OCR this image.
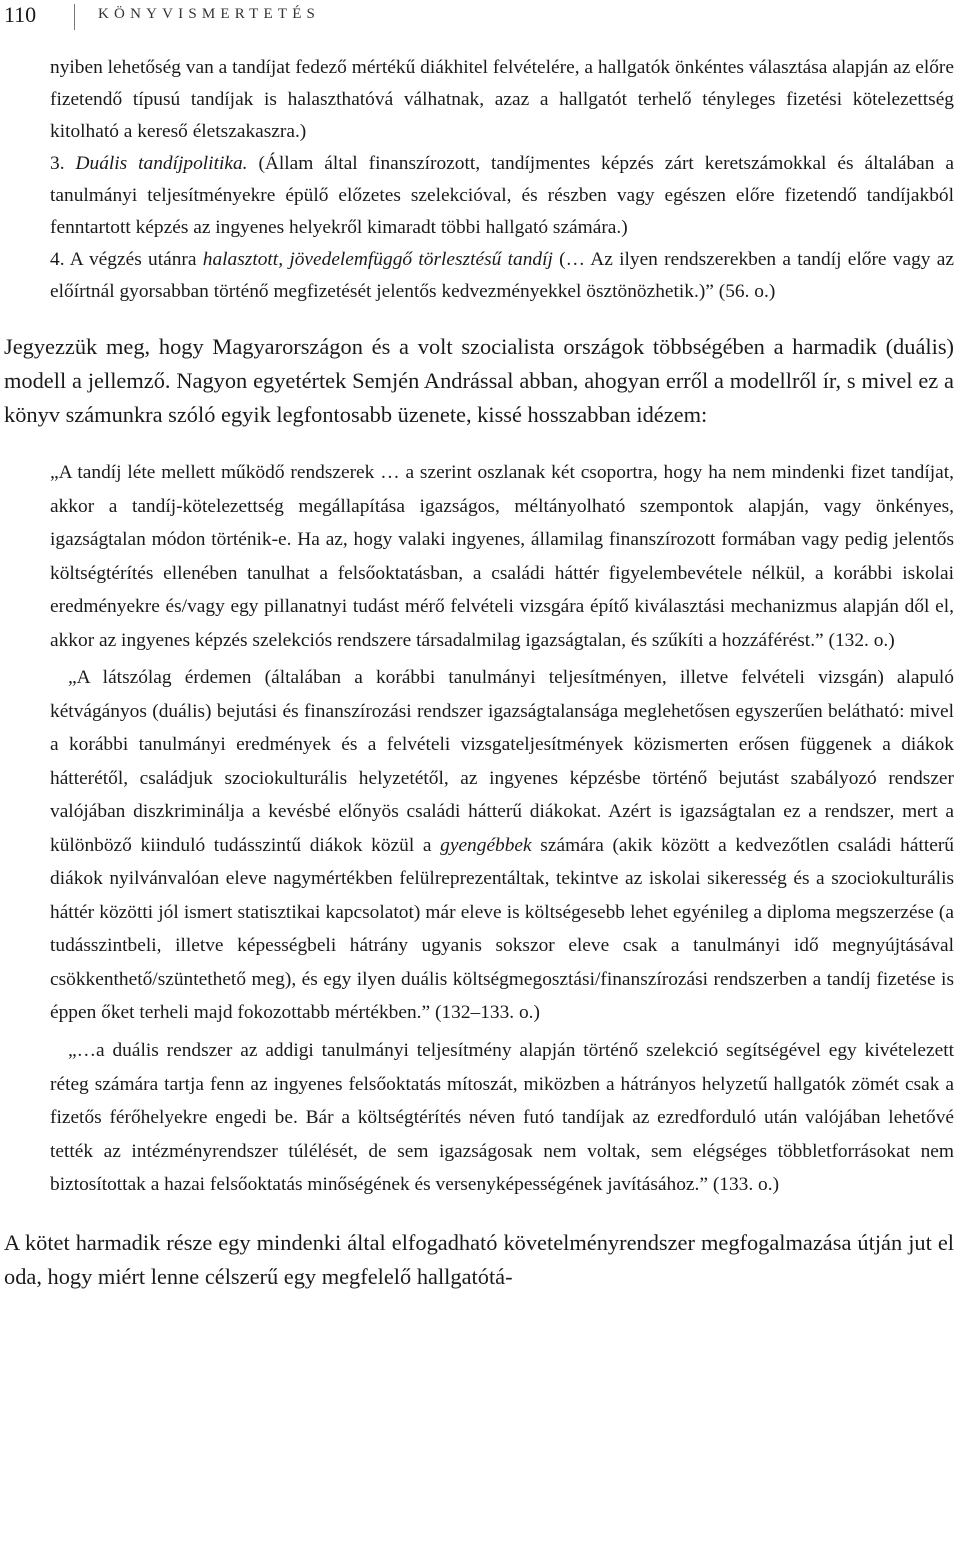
110	KÖNYVISMERTETÉS

nyiben lehetőség van a tandíjat fedező mértékű diákhitel felvételére, a hallgatók önkéntes választása alapján az előre fizetendő típusú tandíjak is halaszthatóvá válhatnak, azaz a hallgatót terhelő tényleges fizetési kötelezettség kitolható a kereső életszakaszra.)

3. Duális tandíjpolitika. (Állam által finanszírozott, tandíjmentes képzés zárt keretszámokkal és általában a tanulmányi teljesítményekre épülő előzetes szelekcióval, és részben vagy egészen előre fizetendő tandíjakból fenntartott képzés az ingyenes helyekről kimaradt többi hallgató számára.)

4. A végzés utánra halasztott, jövedelemfüggő törlesztésű tandíj (… Az ilyen rendszerekben a tandíj előre vagy az előírtnál gyorsabban történő megfizetését jelentős kedvezményekkel ösztönözhetik.)” (56. o.)

Jegyezzük meg, hogy Magyarországon és a volt szocialista országok többségében a harmadik (duális) modell a jellemző. Nagyon egyetértek Semjén Andrással abban, ahogyan erről a modellről ír, s mivel ez a könyv számunkra szóló egyik legfontosabb üzenete, kissé hosszabban idézem:

„A tandíj léte mellett működő rendszerek … a szerint oszlanak két csoportra, hogy ha nem mindenki fizet tandíjat, akkor a tandíj-kötelezettség megállapítása igazságos, méltányolható szempontok alapján, vagy önkényes, igazságtalan módon történik-e. Ha az, hogy valaki ingyenes, államilag finanszírozott formában vagy pedig jelentős költségtérítés ellenében tanulhat a felsőoktatásban, a családi háttér figyelembevétele nélkül, a korábbi iskolai eredményekre és/vagy egy pillanatnyi tudást mérő felvételi vizsgára építő kiválasztási mechanizmus alapján dől el, akkor az ingyenes képzés szelekciós rendszere társadalmilag igazságtalan, és szűkíti a hozzáférést.” (132. o.)

„A látszólag érdemen (általában a korábbi tanulmányi teljesítményen, illetve felvételi vizsgán) alapuló kétvágányos (duális) bejutási és finanszírozási rendszer igazságtalansága meglehetősen egyszerűen belátható: mivel a korábbi tanulmányi eredmények és a felvételi vizsgateljesítmények közismerten erősen függenek a diákok hátterétől, családjuk szociokulturális helyzetétől, az ingyenes képzésbe történő bejutást szabályozó rendszer valójában diszkriminálja a kevésbé előnyös családi hátterű diákokat. Azért is igazságtalan ez a rendszer, mert a különböző kiinduló tudásszintű diákok közül a gyengébbek számára (akik között a kedvezőtlen családi hátterű diákok nyilvánvalóan eleve nagymértékben felülreprezentáltak, tekintve az iskolai sikeresség és a szociokulturális háttér közötti jól ismert statisztikai kapcsolatot) már eleve is költségesebb lehet egyénileg a diploma megszerzése (a tudásszintbeli, illetve képességbeli hátrány ugyanis sokszor eleve csak a tanulmányi idő megnyújtásával csökkenthető/szüntethető meg), és egy ilyen duális költségmegosztási/finanszírozási rendszerben a tandíj fizetése is éppen őket terheli majd fokozottabb mértékben.” (132–133. o.)

„…a duális rendszer az addigi tanulmányi teljesítmény alapján történő szelekció segítségével egy kivételezett réteg számára tartja fenn az ingyenes felsőoktatás mítoszát, miközben a hátrányos helyzetű hallgatók zömét csak a fizetős férőhelyekre engedi be. Bár a költségtérítés néven futó tandíjak az ezredforduló után valójában lehetővé tették az intézményrendszer túlélését, de sem igazságosak nem voltak, sem elégséges többletforrásokat nem biztosítottak a hazai felsőoktatás minőségének és versenyképességének javításához.” (133. o.)

A kötet harmadik része egy mindenki által elfogadható követelményrendszer megfogalmazása útján jut el oda, hogy miért lenne célszerű egy megfelelő hallgatótá-
